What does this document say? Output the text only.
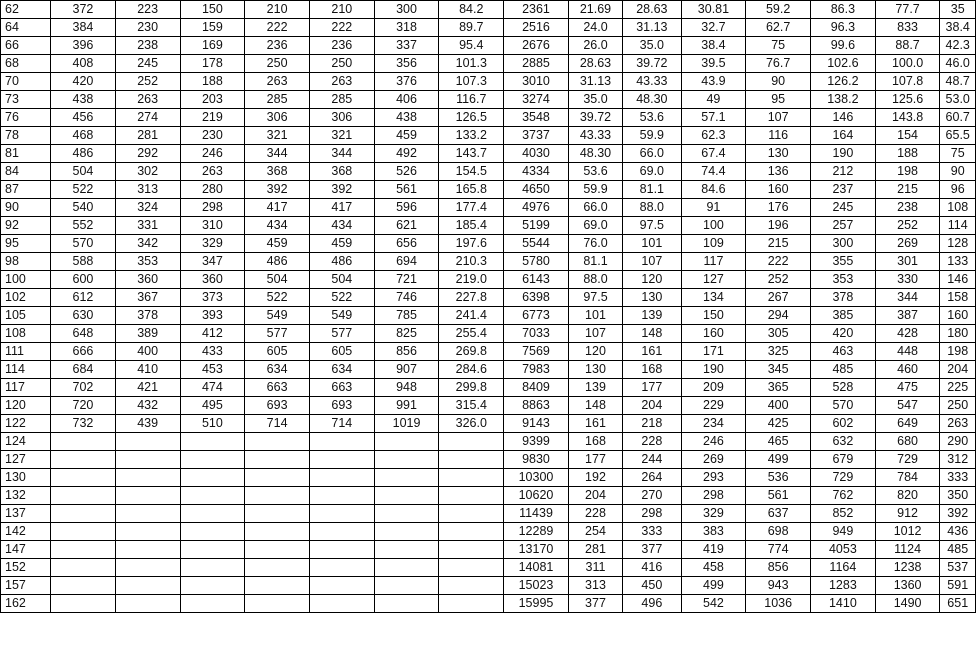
62	372	223	150	210	210	300	84.2	2361	21.69	28.63	30.81	59.2	86.3	77.7	35
64	384	230	159	222	222	318	89.7	2516	24.0	31.13	32.7	62.7	96.3	833	38.4
66	396	238	169	236	236	337	95.4	2676	26.0	35.0	38.4	75	99.6	88.7	42.3
68	408	245	178	250	250	356	101.3	2885	28.63	39.72	39.5	76.7	102.6	100.0	46.0
70	420	252	188	263	263	376	107.3	3010	31.13	43.33	43.9	90	126.2	107.8	48.7
73	438	263	203	285	285	406	116.7	3274	35.0	48.30	49	95	138.2	125.6	53.0
76	456	274	219	306	306	438	126.5	3548	39.72	53.6	57.1	107	146	143.8	60.7
78	468	281	230	321	321	459	133.2	3737	43.33	59.9	62.3	116	164	154	65.5
81	486	292	246	344	344	492	143.7	4030	48.30	66.0	67.4	130	190	188	75
84	504	302	263	368	368	526	154.5	4334	53.6	69.0	74.4	136	212	198	90
87	522	313	280	392	392	561	165.8	4650	59.9	81.1	84.6	160	237	215	96
90	540	324	298	417	417	596	177.4	4976	66.0	88.0	91	176	245	238	108
92	552	331	310	434	434	621	185.4	5199	69.0	97.5	100	196	257	252	114
95	570	342	329	459	459	656	197.6	5544	76.0	101	109	215	300	269	128
98	588	353	347	486	486	694	210.3	5780	81.1	107	117	222	355	301	133
100	600	360	360	504	504	721	219.0	6143	88.0	120	127	252	353	330	146
102	612	367	373	522	522	746	227.8	6398	97.5	130	134	267	378	344	158
105	630	378	393	549	549	785	241.4	6773	101	139	150	294	385	387	160
108	648	389	412	577	577	825	255.4	7033	107	148	160	305	420	428	180
111	666	400	433	605	605	856	269.8	7569	120	161	171	325	463	448	198
114	684	410	453	634	634	907	284.6	7983	130	168	190	345	485	460	204
117	702	421	474	663	663	948	299.8	8409	139	177	209	365	528	475	225
120	720	432	495	693	693	991	315.4	8863	148	204	229	400	570	547	250
122	732	439	510	714	714	1019	326.0	9143	161	218	234	425	602	649	263
124								9399	168	228	246	465	632	680	290
127								9830	177	244	269	499	679	729	312
130								10300	192	264	293	536	729	784	333
132								10620	204	270	298	561	762	820	350
137								11439	228	298	329	637	852	912	392
142								12289	254	333	383	698	949	1012	436
147								13170	281	377	419	774	4053	1124	485
152								14081	311	416	458	856	1164	1238	537
157								15023	313	450	499	943	1283	1360	591
162								15995	377	496	542	1036	1410	1490	651
